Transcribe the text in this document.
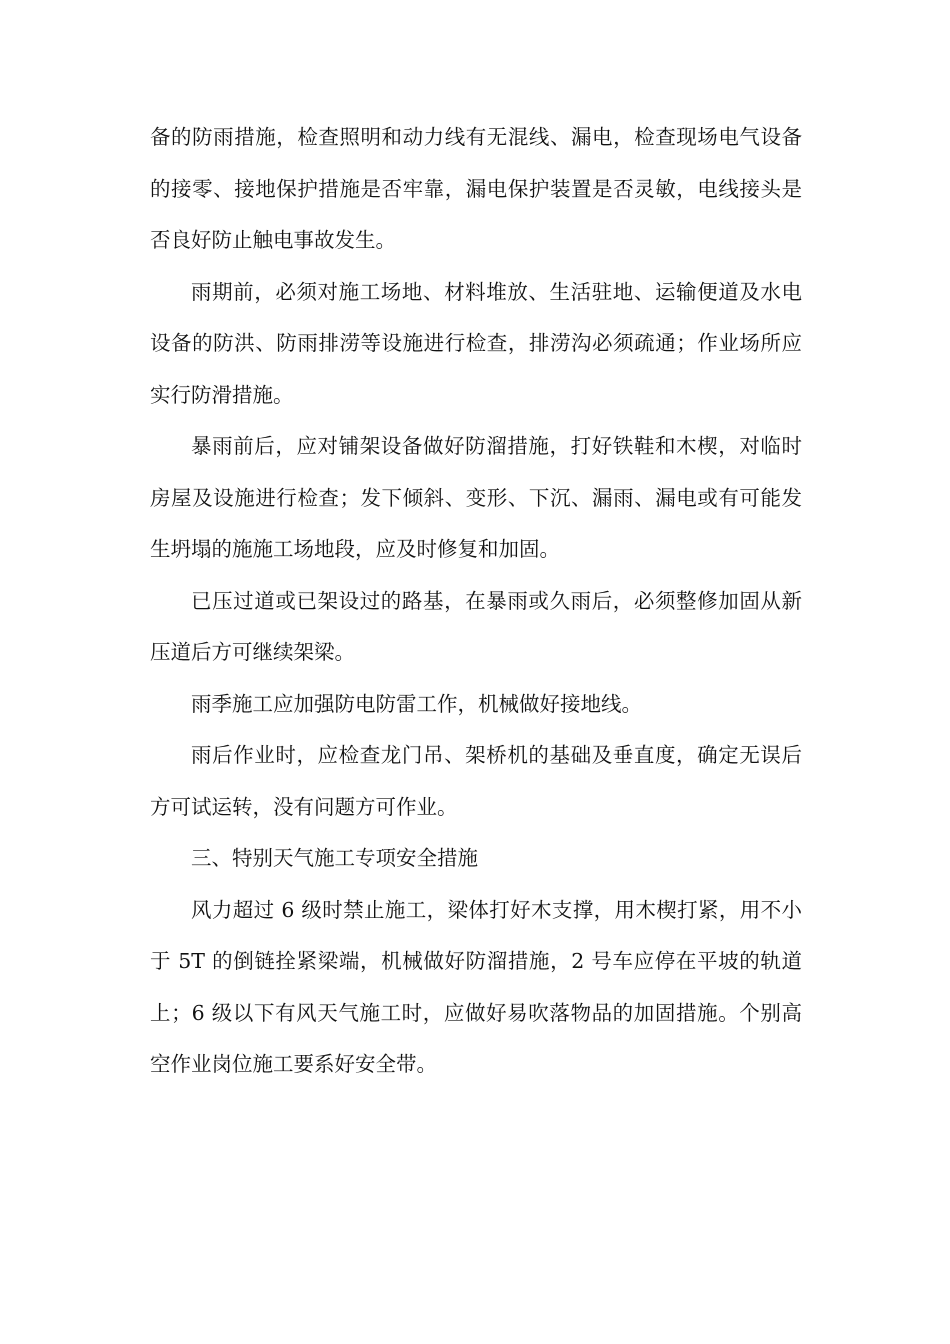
备的防雨措施，检查照明和动力线有无混线、漏电，检查现场电气设备的接零、接地保护措施是否牢靠，漏电保护装置是否灵敏，电线接头是否良好防止触电事故发生。

雨期前，必须对施工场地、材料堆放、生活驻地、运输便道及水电设备的防洪、防雨排涝等设施进行检查，排涝沟必须疏通；作业场所应实行防滑措施。

暴雨前后，应对铺架设备做好防溜措施，打好铁鞋和木楔，对临时房屋及设施进行检查；发下倾斜、变形、下沉、漏雨、漏电或有可能发生坍塌的施施工场地段，应及时修复和加固。

已压过道或已架设过的路基，在暴雨或久雨后，必须整修加固从新压道后方可继续架梁。

雨季施工应加强防电防雷工作，机械做好接地线。

雨后作业时，应检查龙门吊、架桥机的基础及垂直度，确定无误后方可试运转，没有问题方可作业。

三、特别天气施工专项安全措施

风力超过 6 级时禁止施工，梁体打好木支撑，用木楔打紧，用不小于 5T 的倒链拴紧梁端，机械做好防溜措施，2 号车应停在平坡的轨道上；6 级以下有风天气施工时，应做好易吹落物品的加固措施。个别高空作业岗位施工要系好安全带。
